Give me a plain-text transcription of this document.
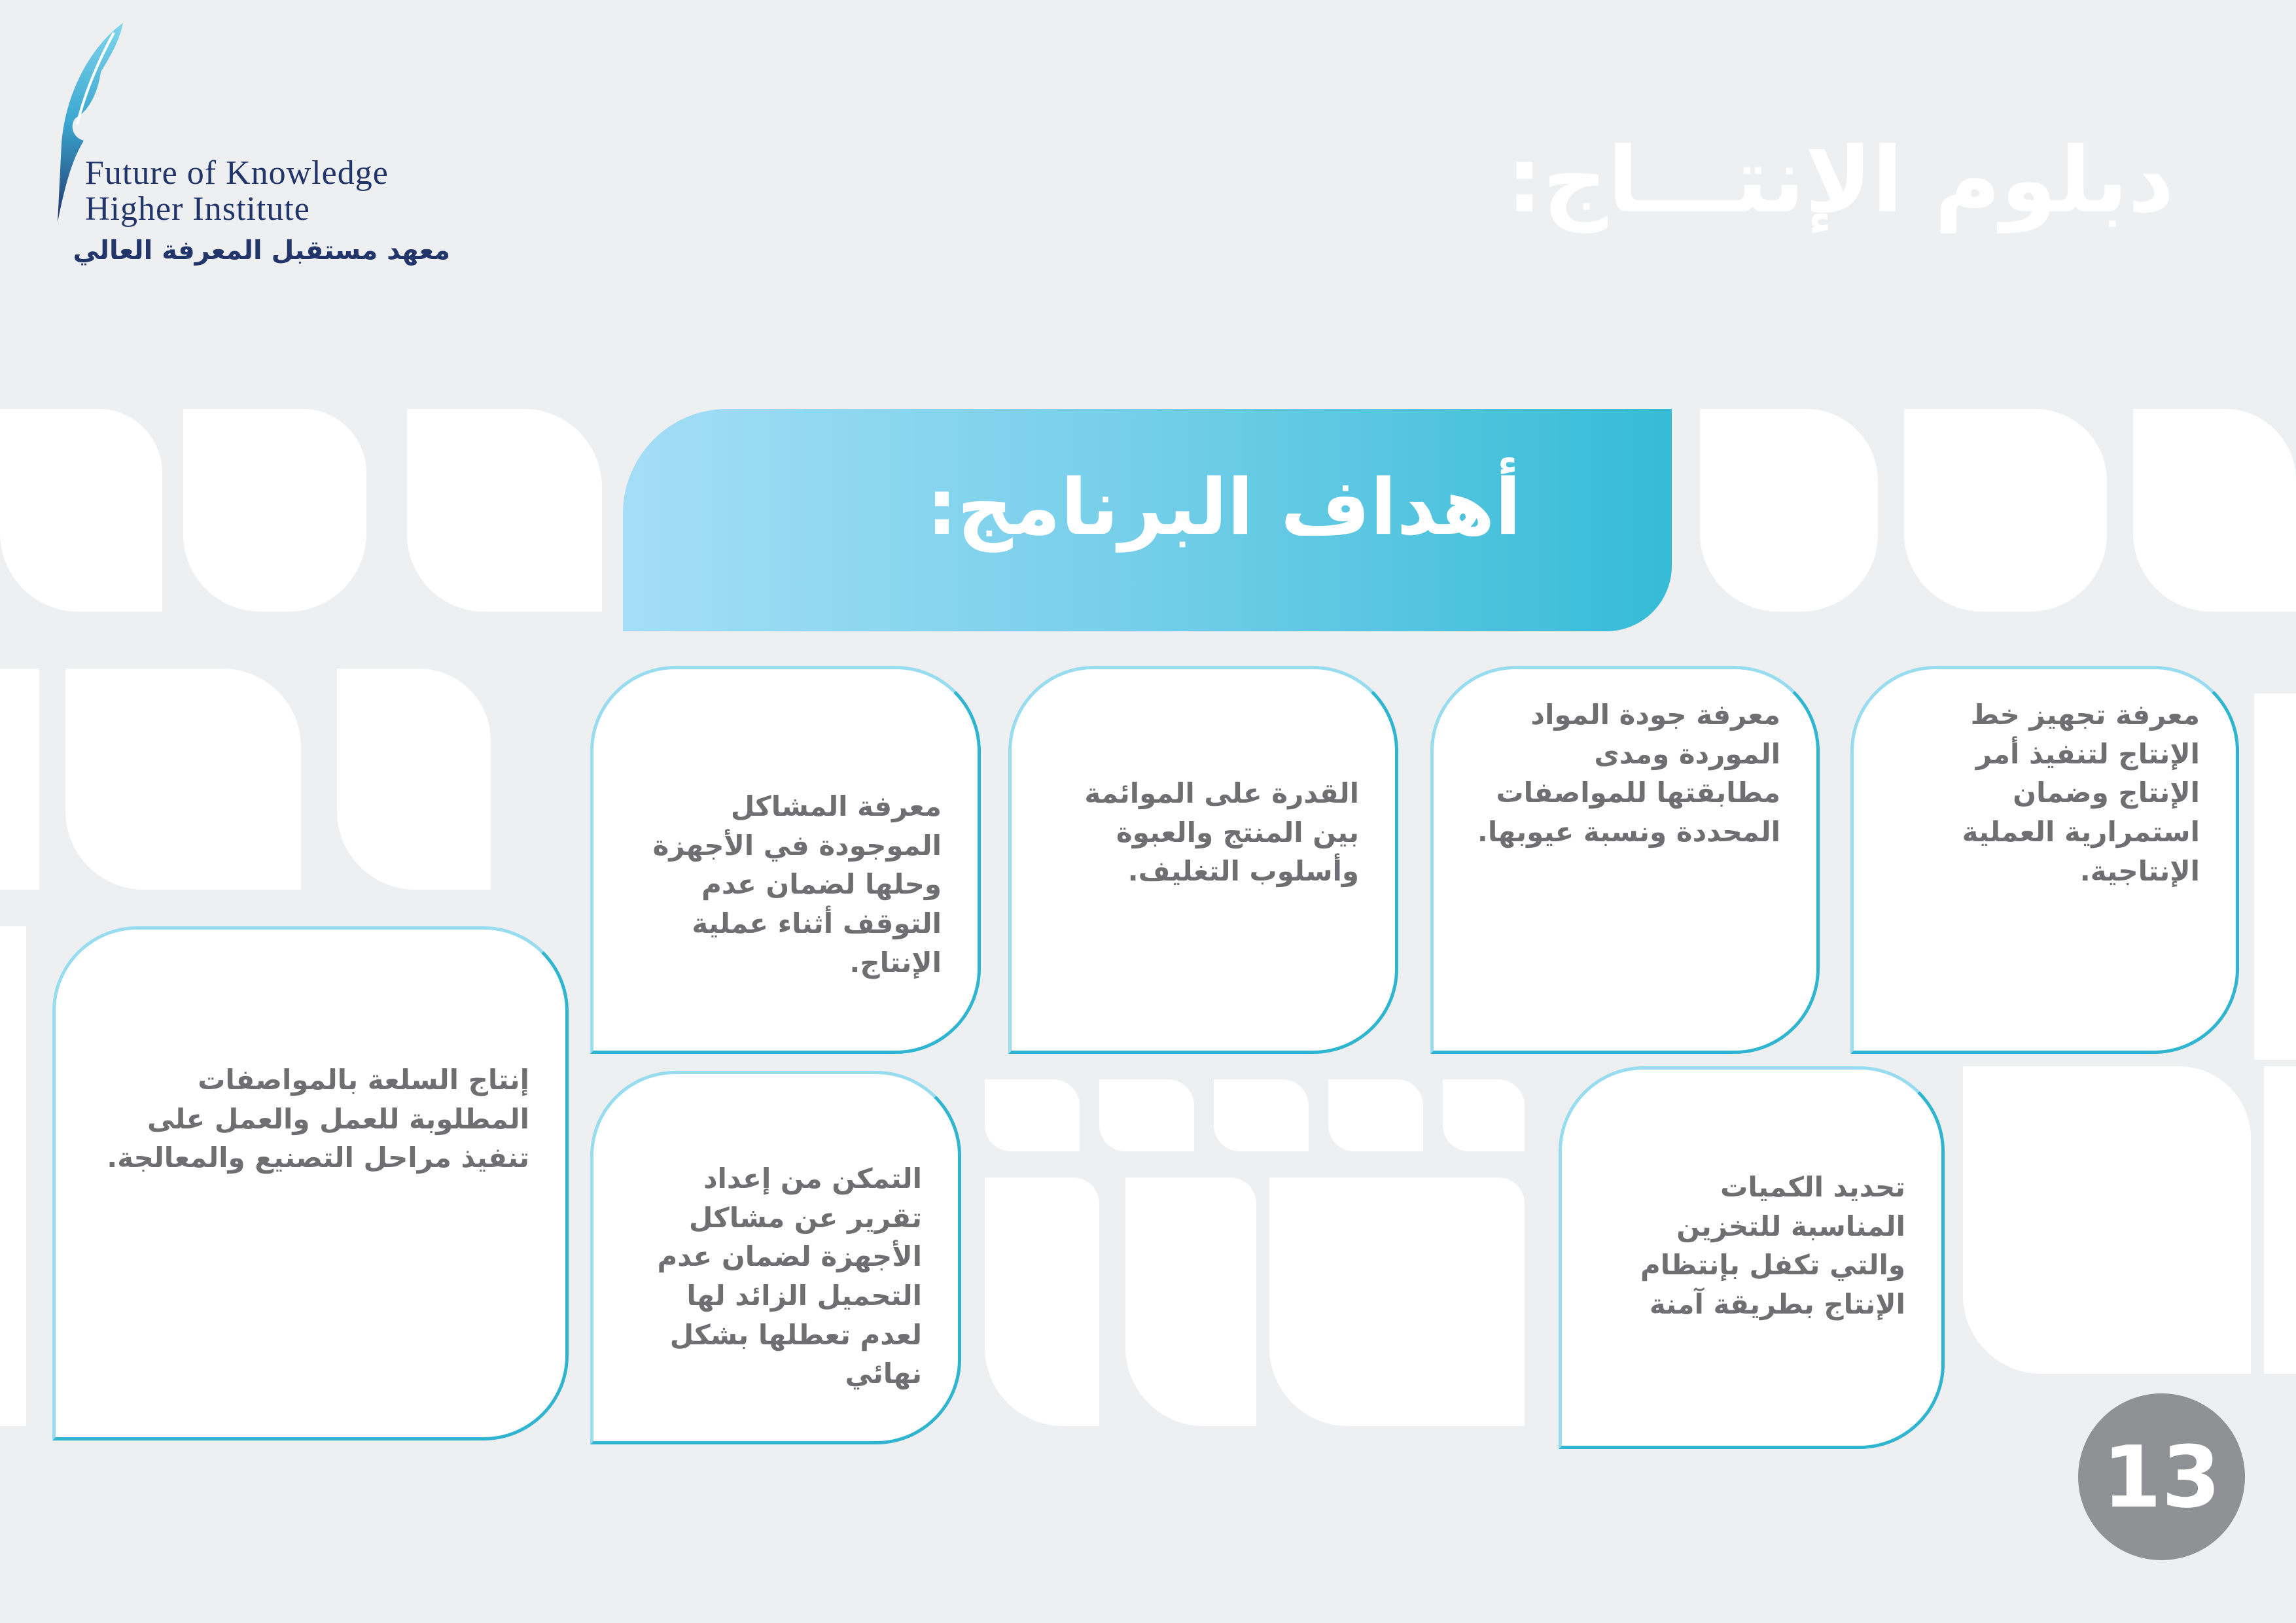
Future of Knowledge
Higher Institute
معهد مستقبل المعرفة العالي
دبلوم الإنتـــاج:
أهداف البرنامج:
معرفة تجهيز خط الإنتاج لتنفيذ أمر الإنتاج وضمان استمرارية العملية الإنتاجية.
معرفة جودة المواد الموردة ومدى مطابقتها للمواصفات المحددة ونسبة عيوبها.
القدرة على الموائمة بين المنتج والعبوة وأسلوب التغليف.
معرفة المشاكل الموجودة في الأجهزة وحلها لضمان عدم التوقف أثناء عملية الإنتاج.
تحديد الكميات المناسبة للتخزين والتي تكفل بإنتظام الإنتاج بطريقة آمنة
التمكن من إعداد تقرير عن مشاكل الأجهزة لضمان عدم التحميل الزائد لها لعدم تعطلها بشكل نهائي
إنتاج السلعة بالمواصفات المطلوبة للعمل والعمل على تنفيذ مراحل التصنيع والمعالجة.
13
